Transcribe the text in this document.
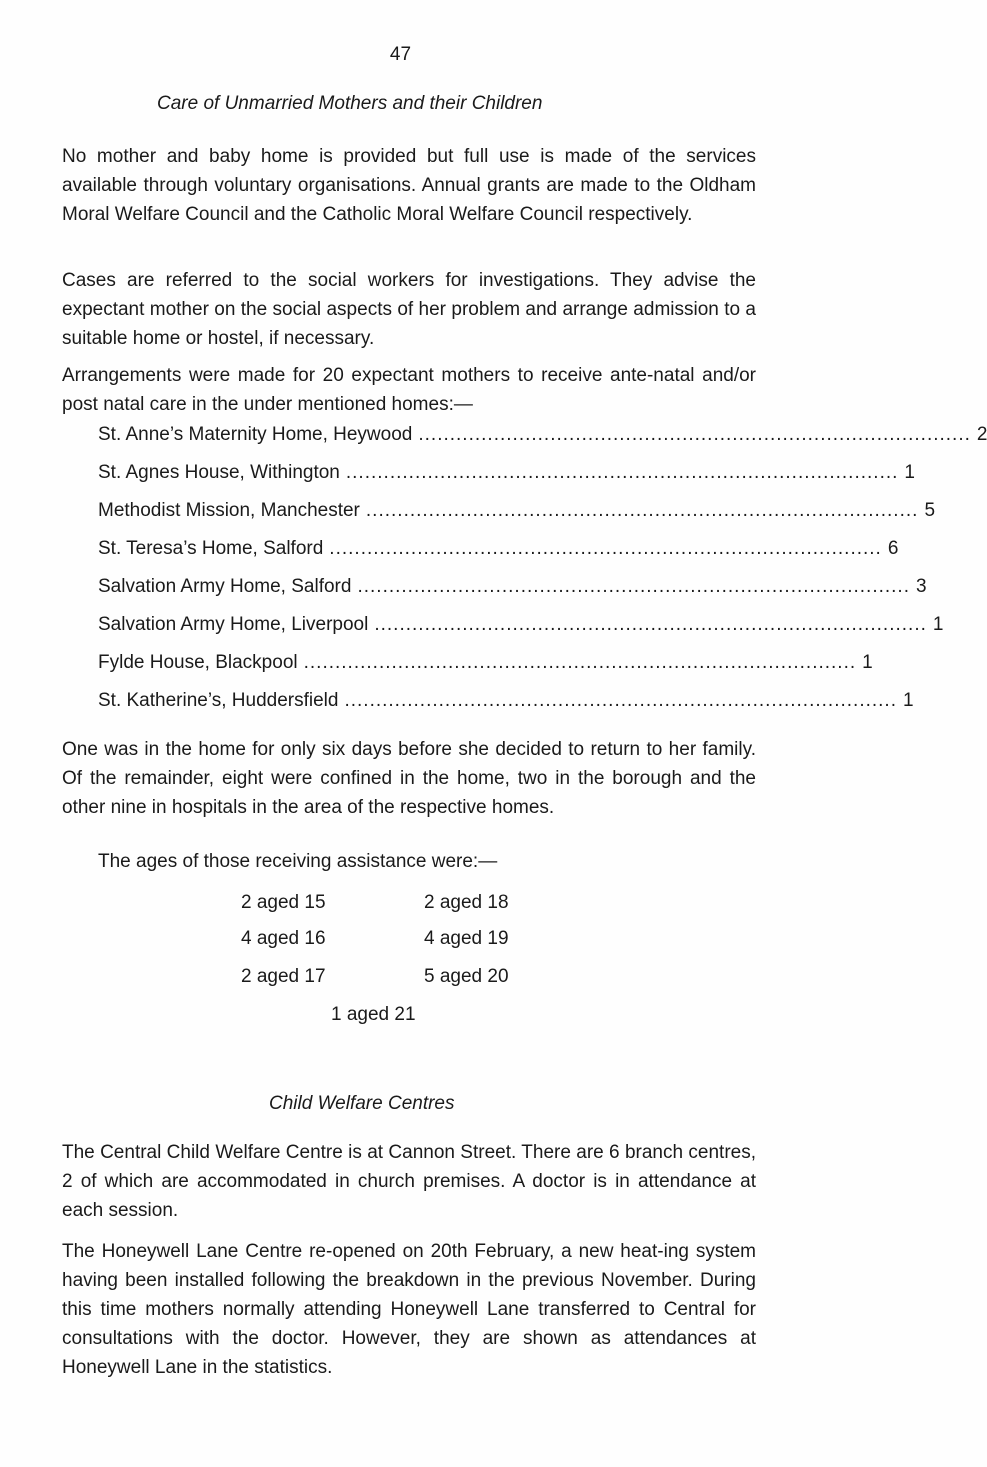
47
Care of Unmarried Mothers and their Children

No mother and baby home is provided but full use is made of the services available through voluntary organisations. Annual grants are made to the Oldham Moral Welfare Council and the Catholic Moral Welfare Council respectively.

Cases are referred to the social workers for investigations. They advise the expectant mother on the social aspects of her problem and arrange admission to a suitable home or hostel, if necessary.

Arrangements were made for 20 expectant mothers to receive ante-natal and/or post natal care in the under mentioned homes:—

St. Anne’s Maternity Home, Heywood ........................................................................................ 2
St. Agnes House, Withington ........................................................................................ 1
Methodist Mission, Manchester ........................................................................................ 5
St. Teresa’s Home, Salford ........................................................................................ 6
Salvation Army Home, Salford ........................................................................................ 3
Salvation Army Home, Liverpool ........................................................................................ 1
Fylde House, Blackpool ........................................................................................ 1
St. Katherine’s, Huddersfield ........................................................................................ 1

One was in the home for only six days before she decided to return to her family. Of the remainder, eight were confined in the home, two in the borough and the other nine in hospitals in the area of the respective homes.

The ages of those receiving assistance were:—
2 aged 15	2 aged 18
4 aged 16	4 aged 19
2 aged 17	5 aged 20
1 aged 21
Child Welfare Centres

The Central Child Welfare Centre is at Cannon Street. There are 6 branch centres, 2 of which are accommodated in church premises. A doctor is in attendance at each session.

The Honeywell Lane Centre re-opened on 20th February, a new heat-ing system having been installed following the breakdown in the previous November. During this time mothers normally attending Honeywell Lane transferred to Central for consultations with the doctor. However, they are shown as attendances at Honeywell Lane in the statistics.
